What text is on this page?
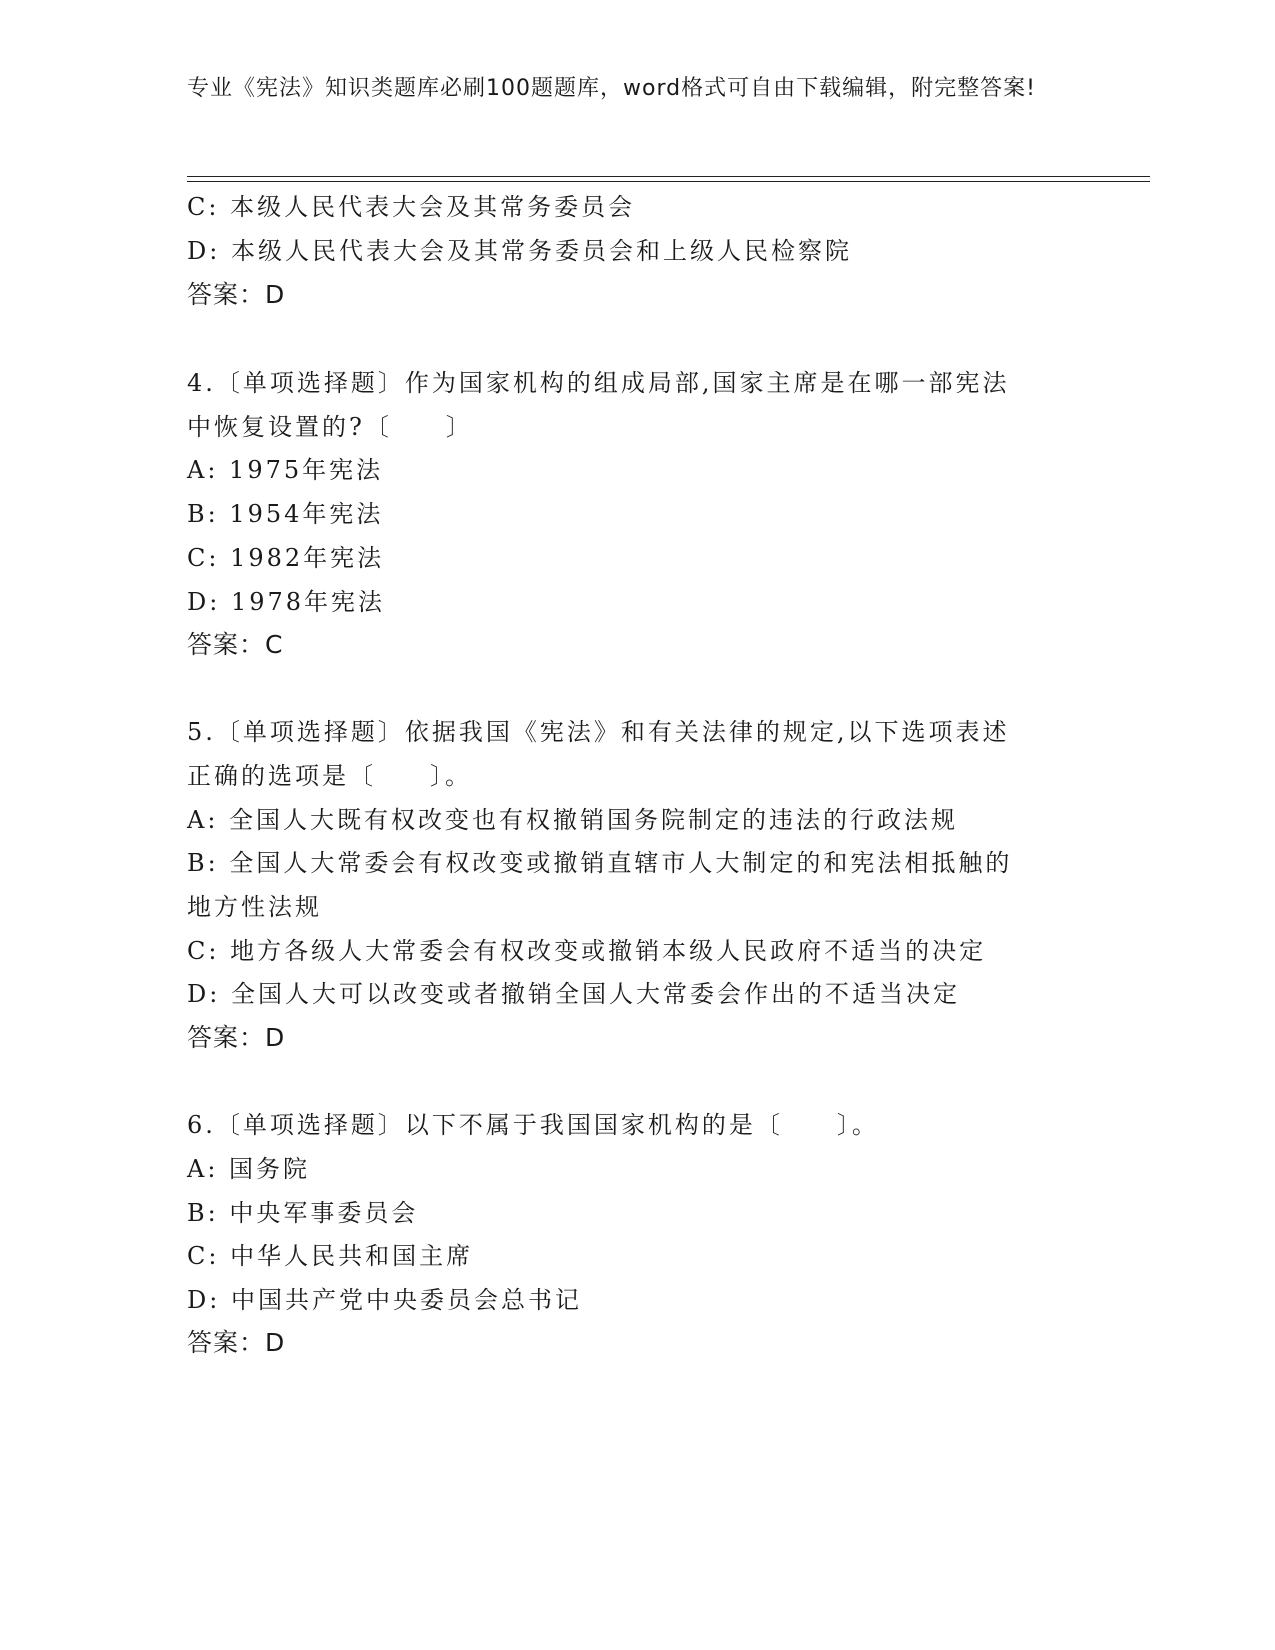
专业《宪法》知识类题库必刷100题题库，word格式可自由下载编辑，附完整答案!
C: 本级人民代表大会及其常务委员会
D: 本级人民代表大会及其常务委员会和上级人民检察院
答案：D
4.〔单项选择题〕作为国家机构的组成局部,国家主席是在哪一部宪法
中恢复设置的?〔　　〕
A: 1975年宪法
B: 1954年宪法
C: 1982年宪法
D: 1978年宪法
答案：C
5.〔单项选择题〕依据我国《宪法》和有关法律的规定,以下选项表述
正确的选项是〔　　〕。
A: 全国人大既有权改变也有权撤销国务院制定的违法的行政法规
B: 全国人大常委会有权改变或撤销直辖市人大制定的和宪法相抵触的
地方性法规
C: 地方各级人大常委会有权改变或撤销本级人民政府不适当的决定
D: 全国人大可以改变或者撤销全国人大常委会作出的不适当决定
答案：D
6.〔单项选择题〕以下不属于我国国家机构的是〔　　〕。
A: 国务院
B: 中央军事委员会
C: 中华人民共和国主席
D: 中国共产党中央委员会总书记
答案：D
